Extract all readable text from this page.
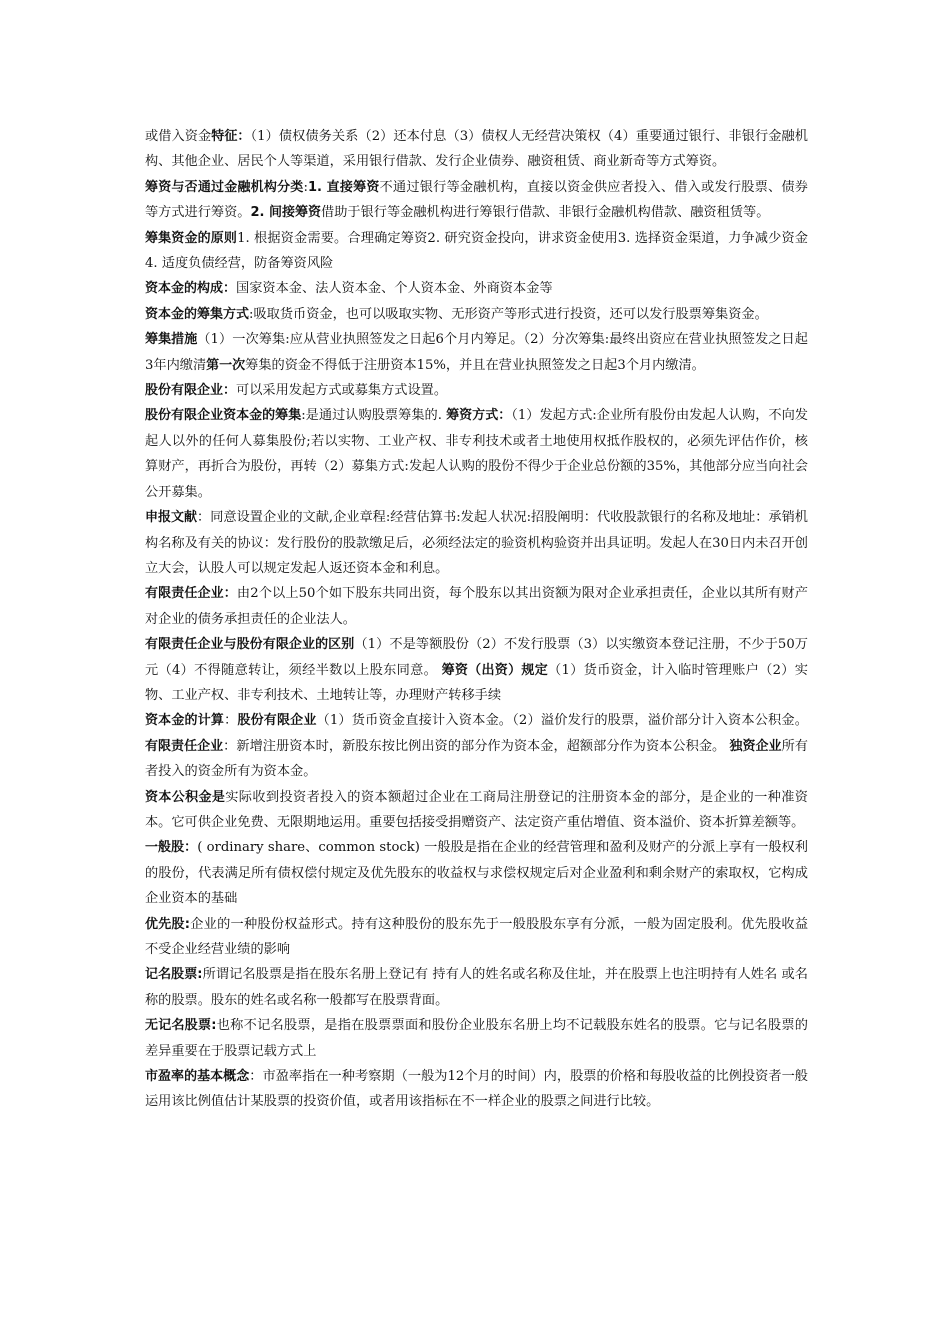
或借入资金特征：（1）债权债务关系（2）还本付息（3）债权人无经营决策权（4）重要通过银行、非银行金融机构、其他企业、居民个人等渠道，采用银行借款、发行企业债券、融资租赁、商业新奇等方式筹资。

筹资与否通过金融机构分类:1. 直接筹资不通过银行等金融机构，直接以资金供应者投入、借入或发行股票、债券等方式进行筹资。2. 间接筹资借助于银行等金融机构进行筹银行借款、非银行金融机构借款、融资租赁等。

筹集资金的原则1. 根据资金需要。合理确定筹资2. 研究资金投向，讲求资金使用3. 选择资金渠道，力争减少资金4. 适度负债经营，防备筹资风险

资本金的构成：国家资本金、法人资本金、个人资本金、外商资本金等

资本金的筹集方式:吸取货币资金，也可以吸取实物、无形资产等形式进行投资，还可以发行股票筹集资金。

筹集措施（1）一次筹集:应从营业执照签发之日起6个月内筹足。（2）分次筹集:最终出资应在营业执照签发之日起3年内缴清第一次筹集的资金不得低于注册资本15%，并且在营业执照签发之日起3个月内缴清。

股份有限企业：可以采用发起方式或募集方式设置。

股份有限企业资本金的筹集:是通过认购股票筹集的. 筹资方式：（1）发起方式:企业所有股份由发起人认购，不向发起人以外的任何人募集股份;若以实物、工业产权、非专利技术或者土地使用权抵作股权的，必须先评估作价，核算财产，再折合为股份，再转（2）募集方式:发起人认购的股份不得少于企业总份额的35%，其他部分应当向社会公开募集。

申报文献：同意设置企业的文献,企业章程:经营估算书:发起人状况:招股阐明：代收股款银行的名称及地址：承销机构名称及有关的协议：发行股份的股款缴足后，必须经法定的验资机构验资并出具证明。发起人在30日内未召开创立大会，认股人可以规定发起人返还资本金和利息。

有限责任企业：由2个以上50个如下股东共同出资，每个股东以其出资额为限对企业承担责任，企业以其所有财产对企业的债务承担责任的企业法人。

有限责任企业与股份有限企业的区别（1）不是等额股份（2）不发行股票（3）以实缴资本登记注册，不少于50万元（4）不得随意转让，须经半数以上股东同意。 筹资（出资）规定（1）货币资金，计入临时管理账户（2）实物、工业产权、非专利技术、土地转让等，办理财产转移手续

资本金的计算：股份有限企业（1）货币资金直接计入资本金。（2）溢价发行的股票，溢价部分计入资本公积金。有限责任企业：新增注册资本时，新股东按比例出资的部分作为资本金，超额部分作为资本公积金。 独资企业所有者投入的资金所有为资本金。

资本公积金是实际收到投资者投入的资本额超过企业在工商局注册登记的注册资本金的部分，是企业的一种准资本。它可供企业免费、无限期地运用。重要包括接受捐赠资产、法定资产重估增值、资本溢价、资本折算差额等。

一般股：( ordinary share、common stock) 一般股是指在企业的经营管理和盈利及财产的分派上享有一般权利的股份，代表满足所有债权偿付规定及优先股东的收益权与求偿权规定后对企业盈利和剩余财产的索取权，它构成企业资本的基础

优先股:企业的一种股份权益形式。持有这种股份的股东先于一般股股东享有分派，一般为固定股利。优先股收益不受企业经营业绩的影响

记名股票:所谓记名股票是指在股东名册上登记有 持有人的姓名或名称及住址，并在股票上也注明持有人姓名 或名称的股票。股东的姓名或名称一般都写在股票背面。

无记名股票:也称不记名股票，是指在股票票面和股份企业股东名册上均不记载股东姓名的股票。它与记名股票的差异重要在于股票记载方式上

市盈率的基本概念：市盈率指在一种考察期（一般为12个月的时间）内，股票的价格和每股收益的比例投资者一般运用该比例值估计某股票的投资价值，或者用该指标在不一样企业的股票之间进行比较。
